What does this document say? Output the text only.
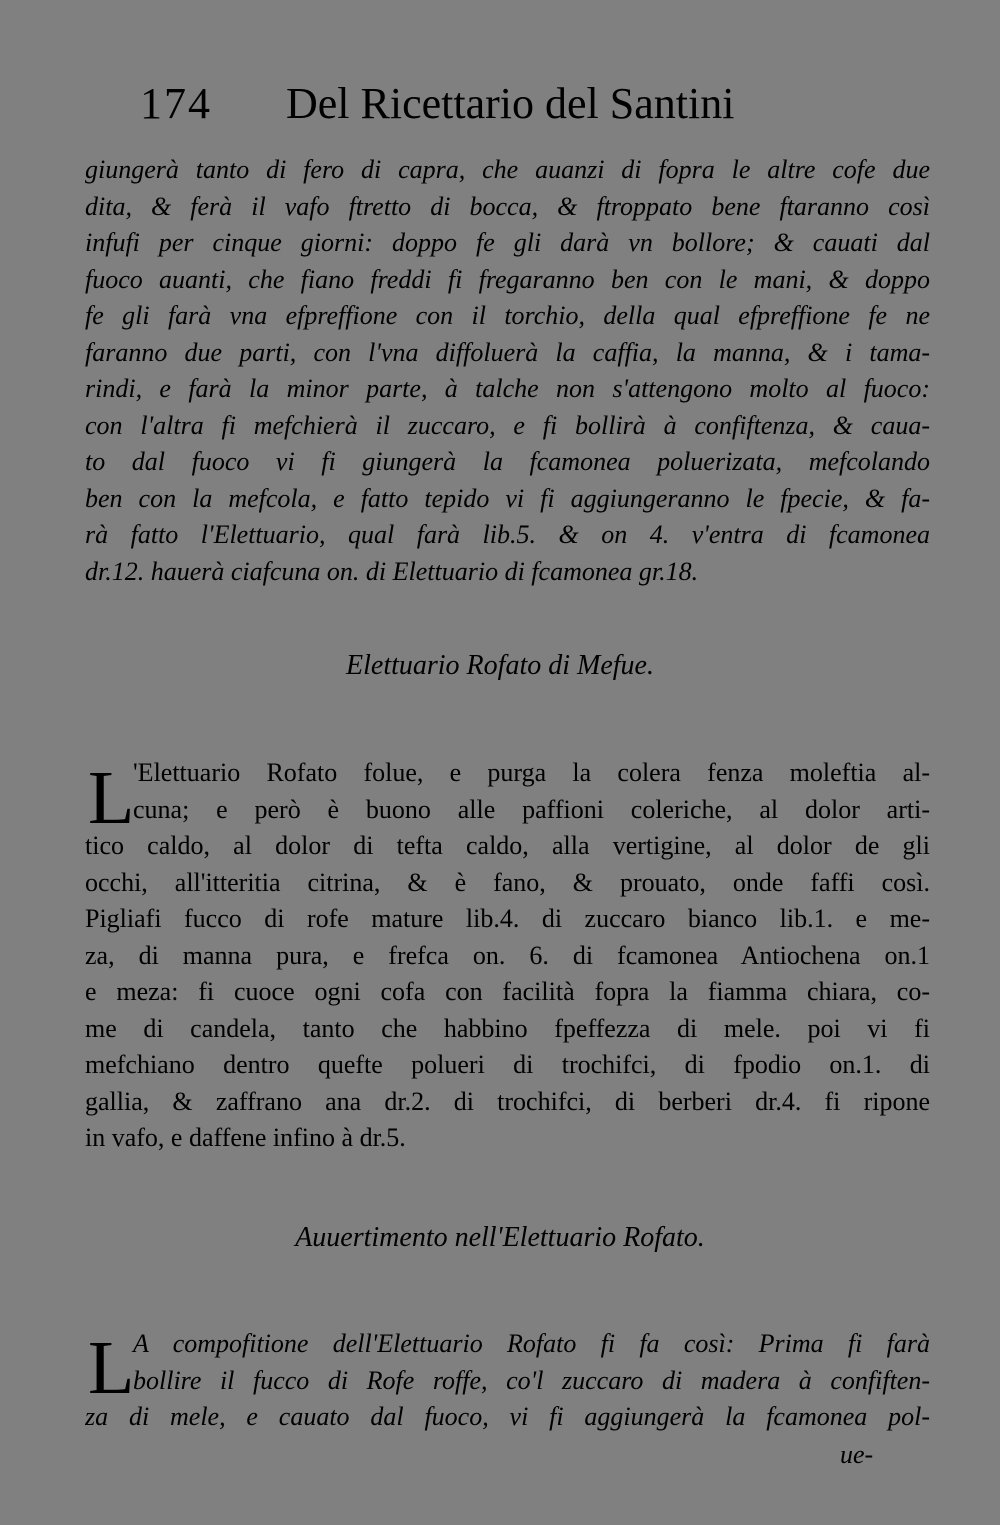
174 Del Ricettario del Santini
giungerà tanto di fero di capra, che auanzi di fopra le altre cofe due
dita, & ferà il vafo ftretto di bocca, & ftroppato bene ftaranno così
infufi per cinque giorni: doppo fe gli darà vn bollore; & cauati dal
fuoco auanti, che fiano freddi fi fregaranno ben con le mani, & doppo
fe gli farà vna efpreffione con il torchio, della qual efpreffione fe ne
faranno due parti, con l'vna diffoluerà la caffia, la manna, & i tama-
rindi, e farà la minor parte, à talche non s'attengono molto al fuoco:
con l'altra fi mefchierà il zuccaro, e fi bollirà à confiftenza, & caua-
to dal fuoco vi fi giungerà la fcamonea poluerizata, mefcolando
ben con la mefcola, e fatto tepido vi fi aggiungeranno le fpecie, & fa-
rà fatto l'Elettuario, qual farà lib.5. & on 4. v'entra di fcamonea
dr.12. hauerà ciafcuna on. di Elettuario di fcamonea gr.18.
Elettuario Rofato di Mefue.
L
'Elettuario Rofato folue, e purga la colera fenza moleftia al-
cuna; e però è buono alle paffioni coleriche, al dolor arti-
tico caldo, al dolor di tefta caldo, alla vertigine, al dolor de gli
occhi, all'itteritia citrina, & è fano, & prouato, onde faffi così.
Pigliafi fucco di rofe mature lib.4. di zuccaro bianco lib.1. e me-
za, di manna pura, e frefca on. 6. di fcamonea Antiochena on.1
e meza: fi cuoce ogni cofa con facilità fopra la fiamma chiara, co-
me di candela, tanto che habbino fpeffezza di mele. poi vi fi
mefchiano dentro quefte polueri di trochifci, di fpodio on.1. di
gallia, & zaffrano ana dr.2. di trochifci, di berberi dr.4. fi ripone
in vafo, e daffene infino à dr.5.
Auuertimento nell'Elettuario Rofato.
L
A compofitione dell'Elettuario Rofato fi fa così: Prima fi farà
bollire il fucco di Rofe roffe, co'l zuccaro di madera à confiften-
za di mele, e cauato dal fuoco, vi fi aggiungerà la fcamonea pol-
ue-
